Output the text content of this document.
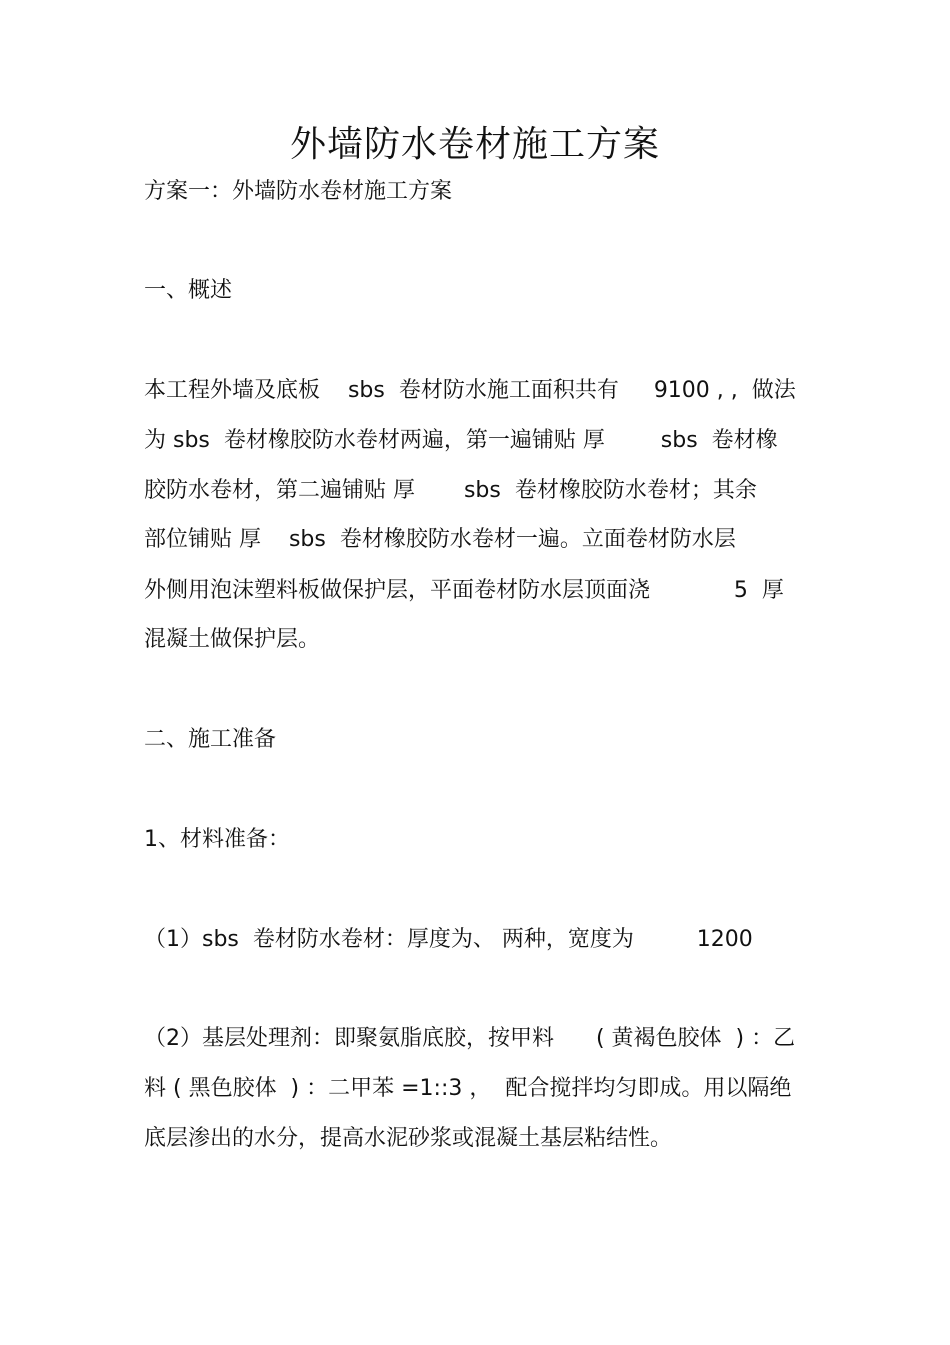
外墙防水卷材施工方案

方案一：外墙防水卷材施工方案

一、概述

本工程外墙及底板    sbs  卷材防水施工面积共有     9100 , ,  做法

为 sbs  卷材橡胶防水卷材两遍，第一遍铺贴 厚        sbs  卷材橡

胶防水卷材，第二遍铺贴 厚       sbs  卷材橡胶防水卷材；其余

部位铺贴 厚    sbs  卷材橡胶防水卷材一遍。立面卷材防水层

外侧用泡沫塑料板做保护层，平面卷材防水层顶面浇            5  厚

混凝土做保护层。

二、施工准备

1、材料准备：

（1）sbs  卷材防水卷材：厚度为、 两种，宽度为         1200

（2）基层处理剂：即聚氨脂底胶，按甲料      ( 黄褐色胶体  ) ：乙

料 ( 黑色胶体  ) ：二甲苯 =1::3 ，  配合搅拌均匀即成。用以隔绝

底层渗出的水分，提高水泥砂浆或混凝土基层粘结性。
